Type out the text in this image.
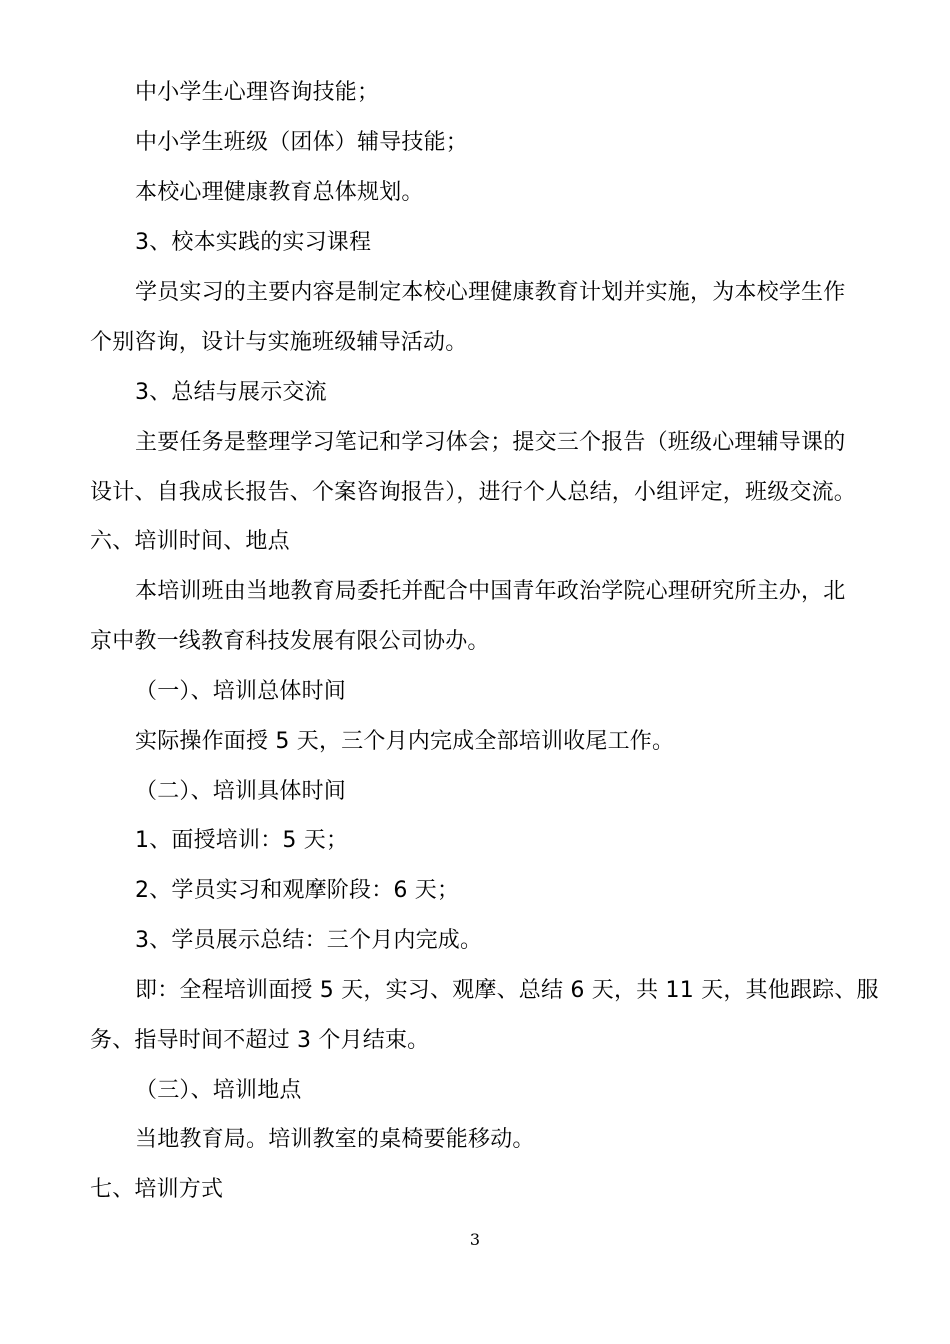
中小学生心理咨询技能；
中小学生班级（团体）辅导技能；
本校心理健康教育总体规划。
3、校本实践的实习课程
学员实习的主要内容是制定本校心理健康教育计划并实施，为本校学生作
个别咨询，设计与实施班级辅导活动。
3、总结与展示交流
主要任务是整理学习笔记和学习体会；提交三个报告（班级心理辅导课的
设计、自我成长报告、个案咨询报告），进行个人总结，小组评定，班级交流。
六、培训时间、地点
本培训班由当地教育局委托并配合中国青年政治学院心理研究所主办，北
京中教一线教育科技发展有限公司协办。
（一）、培训总体时间
实际操作面授 5 天，三个月内完成全部培训收尾工作。
（二）、培训具体时间
1、面授培训：5 天；
2、学员实习和观摩阶段：6 天；
3、学员展示总结：三个月内完成。
即：全程培训面授 5 天，实习、观摩、总结 6 天，共 11 天，其他跟踪、服
务、指导时间不超过 3 个月结束。
（三）、培训地点
当地教育局。培训教室的桌椅要能移动。
七、培训方式
3
